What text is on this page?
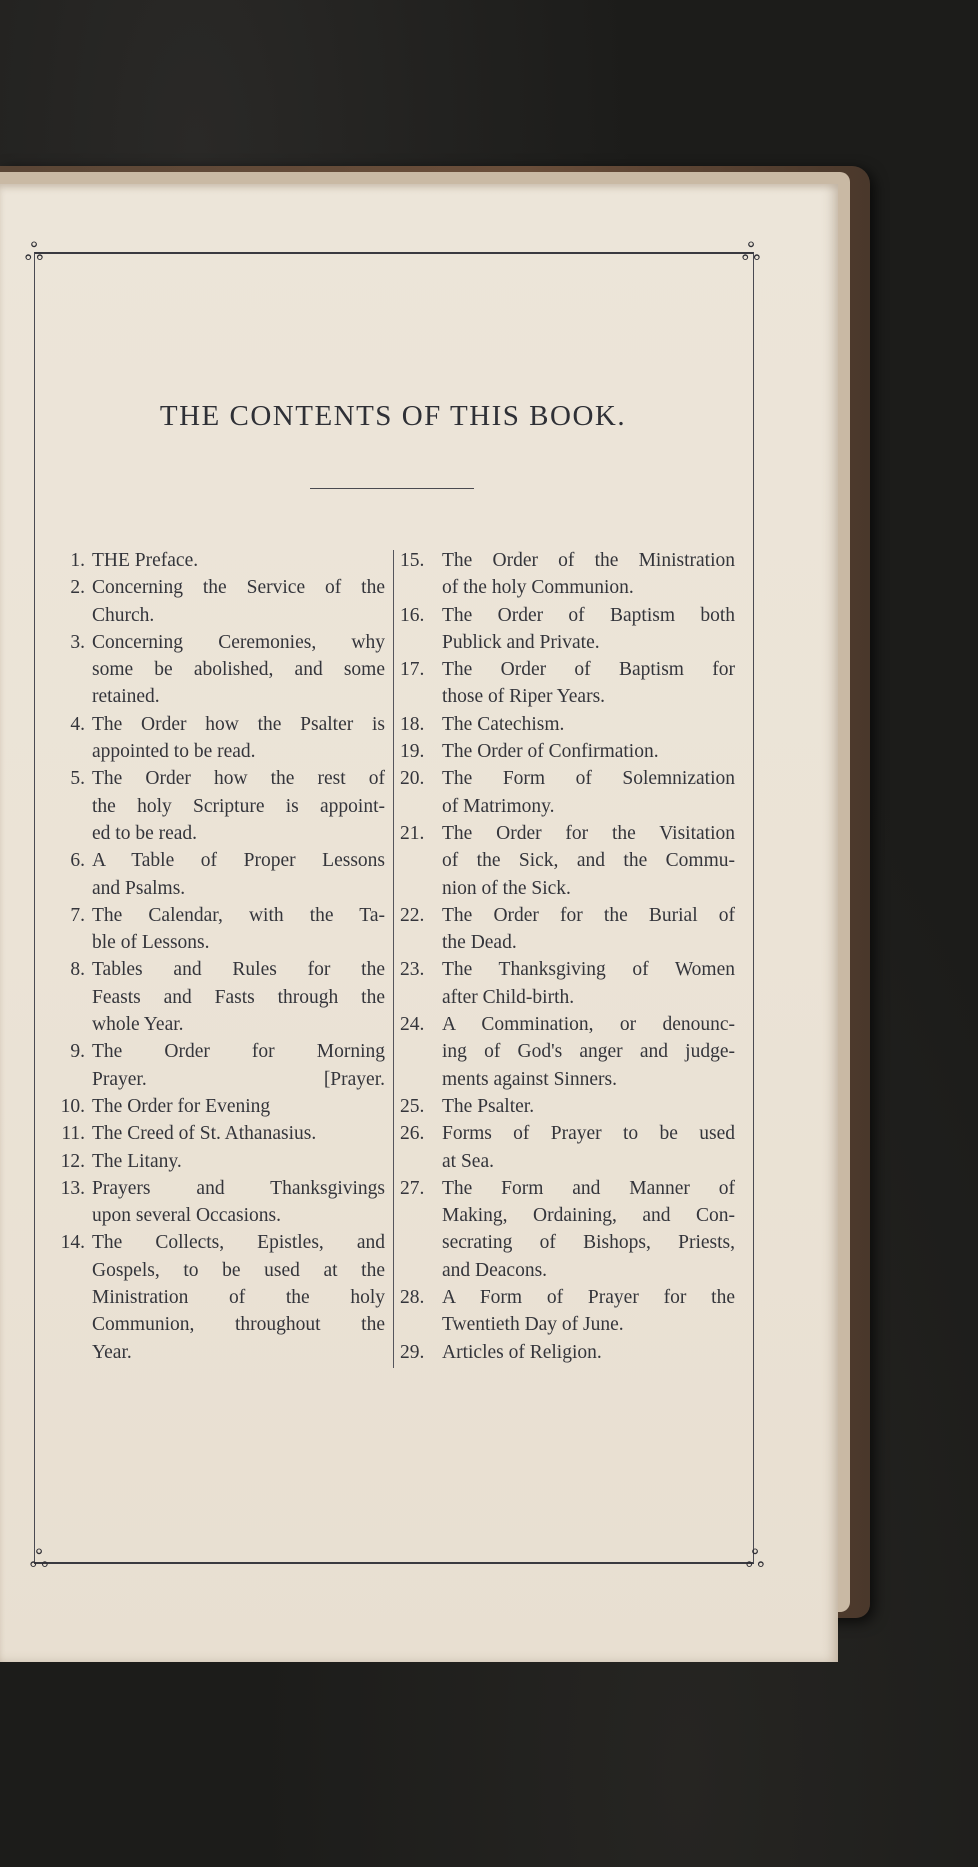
ஃ	ஃ
ஃ	ஃ
THE CONTENTS OF THIS BOOK.
1. THE Preface.
2. Concerning the Service of the
Church.
3. Concerning Ceremonies, why
some be abolished, and some
retained.
4. The Order how the Psalter is
appointed to be read.
5. The Order how the rest of
the holy Scripture is appoint-
ed to be read.
6. A Table of Proper Lessons
and Psalms.
7. The Calendar, with the Ta-
ble of Lessons.
8. Tables and Rules for the
Feasts and Fasts through the
whole Year.
9. The Order for Morning
Prayer.	[Prayer.
10. The Order for Evening
11. The Creed of St. Athanasius.
12. The Litany.
13. Prayers and Thanksgivings
upon several Occasions.
14. The Collects, Epistles, and
Gospels, to be used at the
Ministration of the holy
Communion, throughout the
Year.
15. The Order of the Ministration
of the holy Communion.
16. The Order of Baptism both
Publick and Private.
17. The Order of Baptism for
those of Riper Years.
18. The Catechism.
19. The Order of Confirmation.
20. The Form of Solemnization
of Matrimony.
21. The Order for the Visitation
of the Sick, and the Commu-
nion of the Sick.
22. The Order for the Burial of
the Dead.
23. The Thanksgiving of Women
after Child-birth.
24. A Commination, or denounc-
ing of God's anger and judge-
ments against Sinners.
25. The Psalter.
26. Forms of Prayer to be used
at Sea.
27. The Form and Manner of
Making, Ordaining, and Con-
secrating of Bishops, Priests,
and Deacons.
28. A Form of Prayer for the
Twentieth Day of June.
29. Articles of Religion.
